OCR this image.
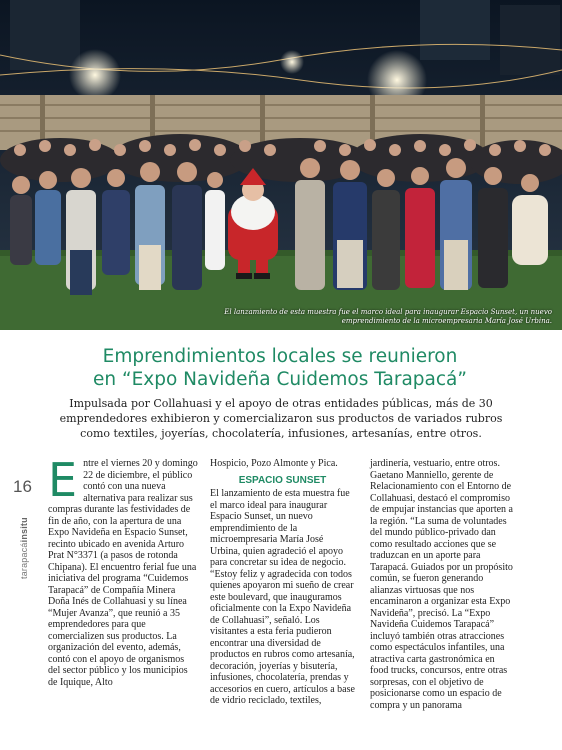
El lanzamiento de esta muestra fue el marco ideal para inaugurar Espacio Sunset, un nuevo
emprendimiento de la microempresaria María José Urbina.
Emprendimientos locales se reunieron
en “Expo Navideña Cuidemos Tarapacá”
Impulsada por Collahuasi y el apoyo de otras entidades públicas, más de 30 emprendedores exhibieron y comercializaron sus productos de variados rubros como textiles, joyerías, chocolatería, infusiones, artesanías, entre otros.
16
tarapacáinsitu
E ntre el viernes 20 y domingo 22 de diciembre, el público contó con una nueva alternativa para realizar sus compras durante las festividades de fin de año, con la apertura de una Expo Navideña en Espacio Sunset, recinto ubicado en avenida Arturo Prat N°3371 (a pasos de rotonda Chipana). El encuentro ferial fue una iniciativa del programa “Cuidemos Tarapacá” de Compañía Minera Doña Inés de Collahuasi y su línea “Mujer Avanza”, que reunió a 35 emprendedores para que comercializen sus productos. La organización del evento, además, contó con el apoyo de organismos del sector público y los municipios de Iquique, Alto

Hospicio, Pozo Almonte y Pica.

ESPACIO SUNSET

El lanzamiento de esta muestra fue el marco ideal para inaugurar Espacio Sunset, un nuevo emprendimiento de la microempresaria María José Urbina, quien agradeció el apoyo para concretar su idea de negocio. “Estoy feliz y agradecida con todos quienes apoyaron mi sueño de crear este boulevard, que inauguramos oficialmente con la Expo Navideña de Collahuasi”, señaló. Los visitantes a esta feria pudieron encontrar una diversidad de productos en rubros como artesanía, decoración, joyerías y bisutería, infusiones, chocolatería, prendas y accesorios en cuero, artículos a base de vidrio reciclado, textiles,

jardinería, vestuario, entre otros. Gaetano Manniello, gerente de Relacionamiento con el Entorno de Collahuasi, destacó el compromiso de empujar instancias que aporten a la región. “La suma de voluntades del mundo público-privado dan como resultado acciones que se traduzcan en un aporte para Tarapacá. Guiados por un propósito común, se fueron generando alianzas virtuosas que nos encaminaron a organizar esta Expo Navideña”, precisó. La “Expo Navideña Cuidemos Tarapacá” incluyó también otras atracciones como espectáculos infantiles, una atractiva carta gastronómica en food trucks, concursos, entre otras sorpresas, con el objetivo de posicionarse como un espacio de compra y un panorama
